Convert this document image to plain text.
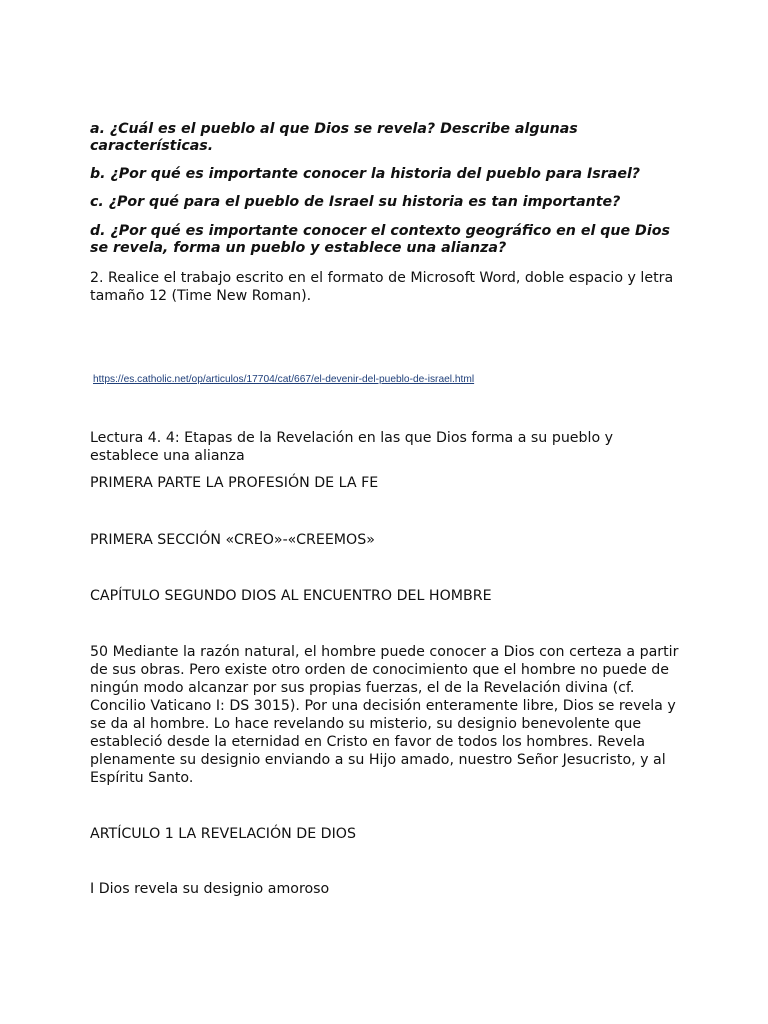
a. ¿Cuál es el pueblo al que Dios se revela? Describe algunas características.

b. ¿Por qué es importante conocer la historia del pueblo para Israel?

c. ¿Por qué para el pueblo de Israel su historia es tan importante?

d. ¿Por qué es importante conocer el contexto geográfico en el que Dios se revela, forma un pueblo y establece una alianza?

2. Realice el trabajo escrito en el formato de Microsoft Word, doble espacio y letra tamaño 12 (Time New Roman).

https://es.catholic.net/op/articulos/17704/cat/667/el-devenir-del-pueblo-de-israel.html

Lectura 4. 4: Etapas de la Revelación en las que Dios forma a su pueblo y establece una alianza

PRIMERA PARTE LA PROFESIÓN DE LA FE

PRIMERA SECCIÓN «CREO»-«CREEMOS»

CAPÍTULO SEGUNDO DIOS AL ENCUENTRO DEL HOMBRE

50 Mediante la razón natural, el hombre puede conocer a Dios con certeza a partir de sus obras. Pero existe otro orden de conocimiento que el hombre no puede de ningún modo alcanzar por sus propias fuerzas, el de la Revelación divina (cf. Concilio Vaticano I: DS 3015). Por una decisión enteramente libre, Dios se revela y se da al hombre. Lo hace revelando su misterio, su designio benevolente que estableció desde la eternidad en Cristo en favor de todos los hombres. Revela plenamente su designio enviando a su Hijo amado, nuestro Señor Jesucristo, y al Espíritu Santo.

ARTÍCULO 1 LA REVELACIÓN DE DIOS

I Dios revela su designio amoroso
